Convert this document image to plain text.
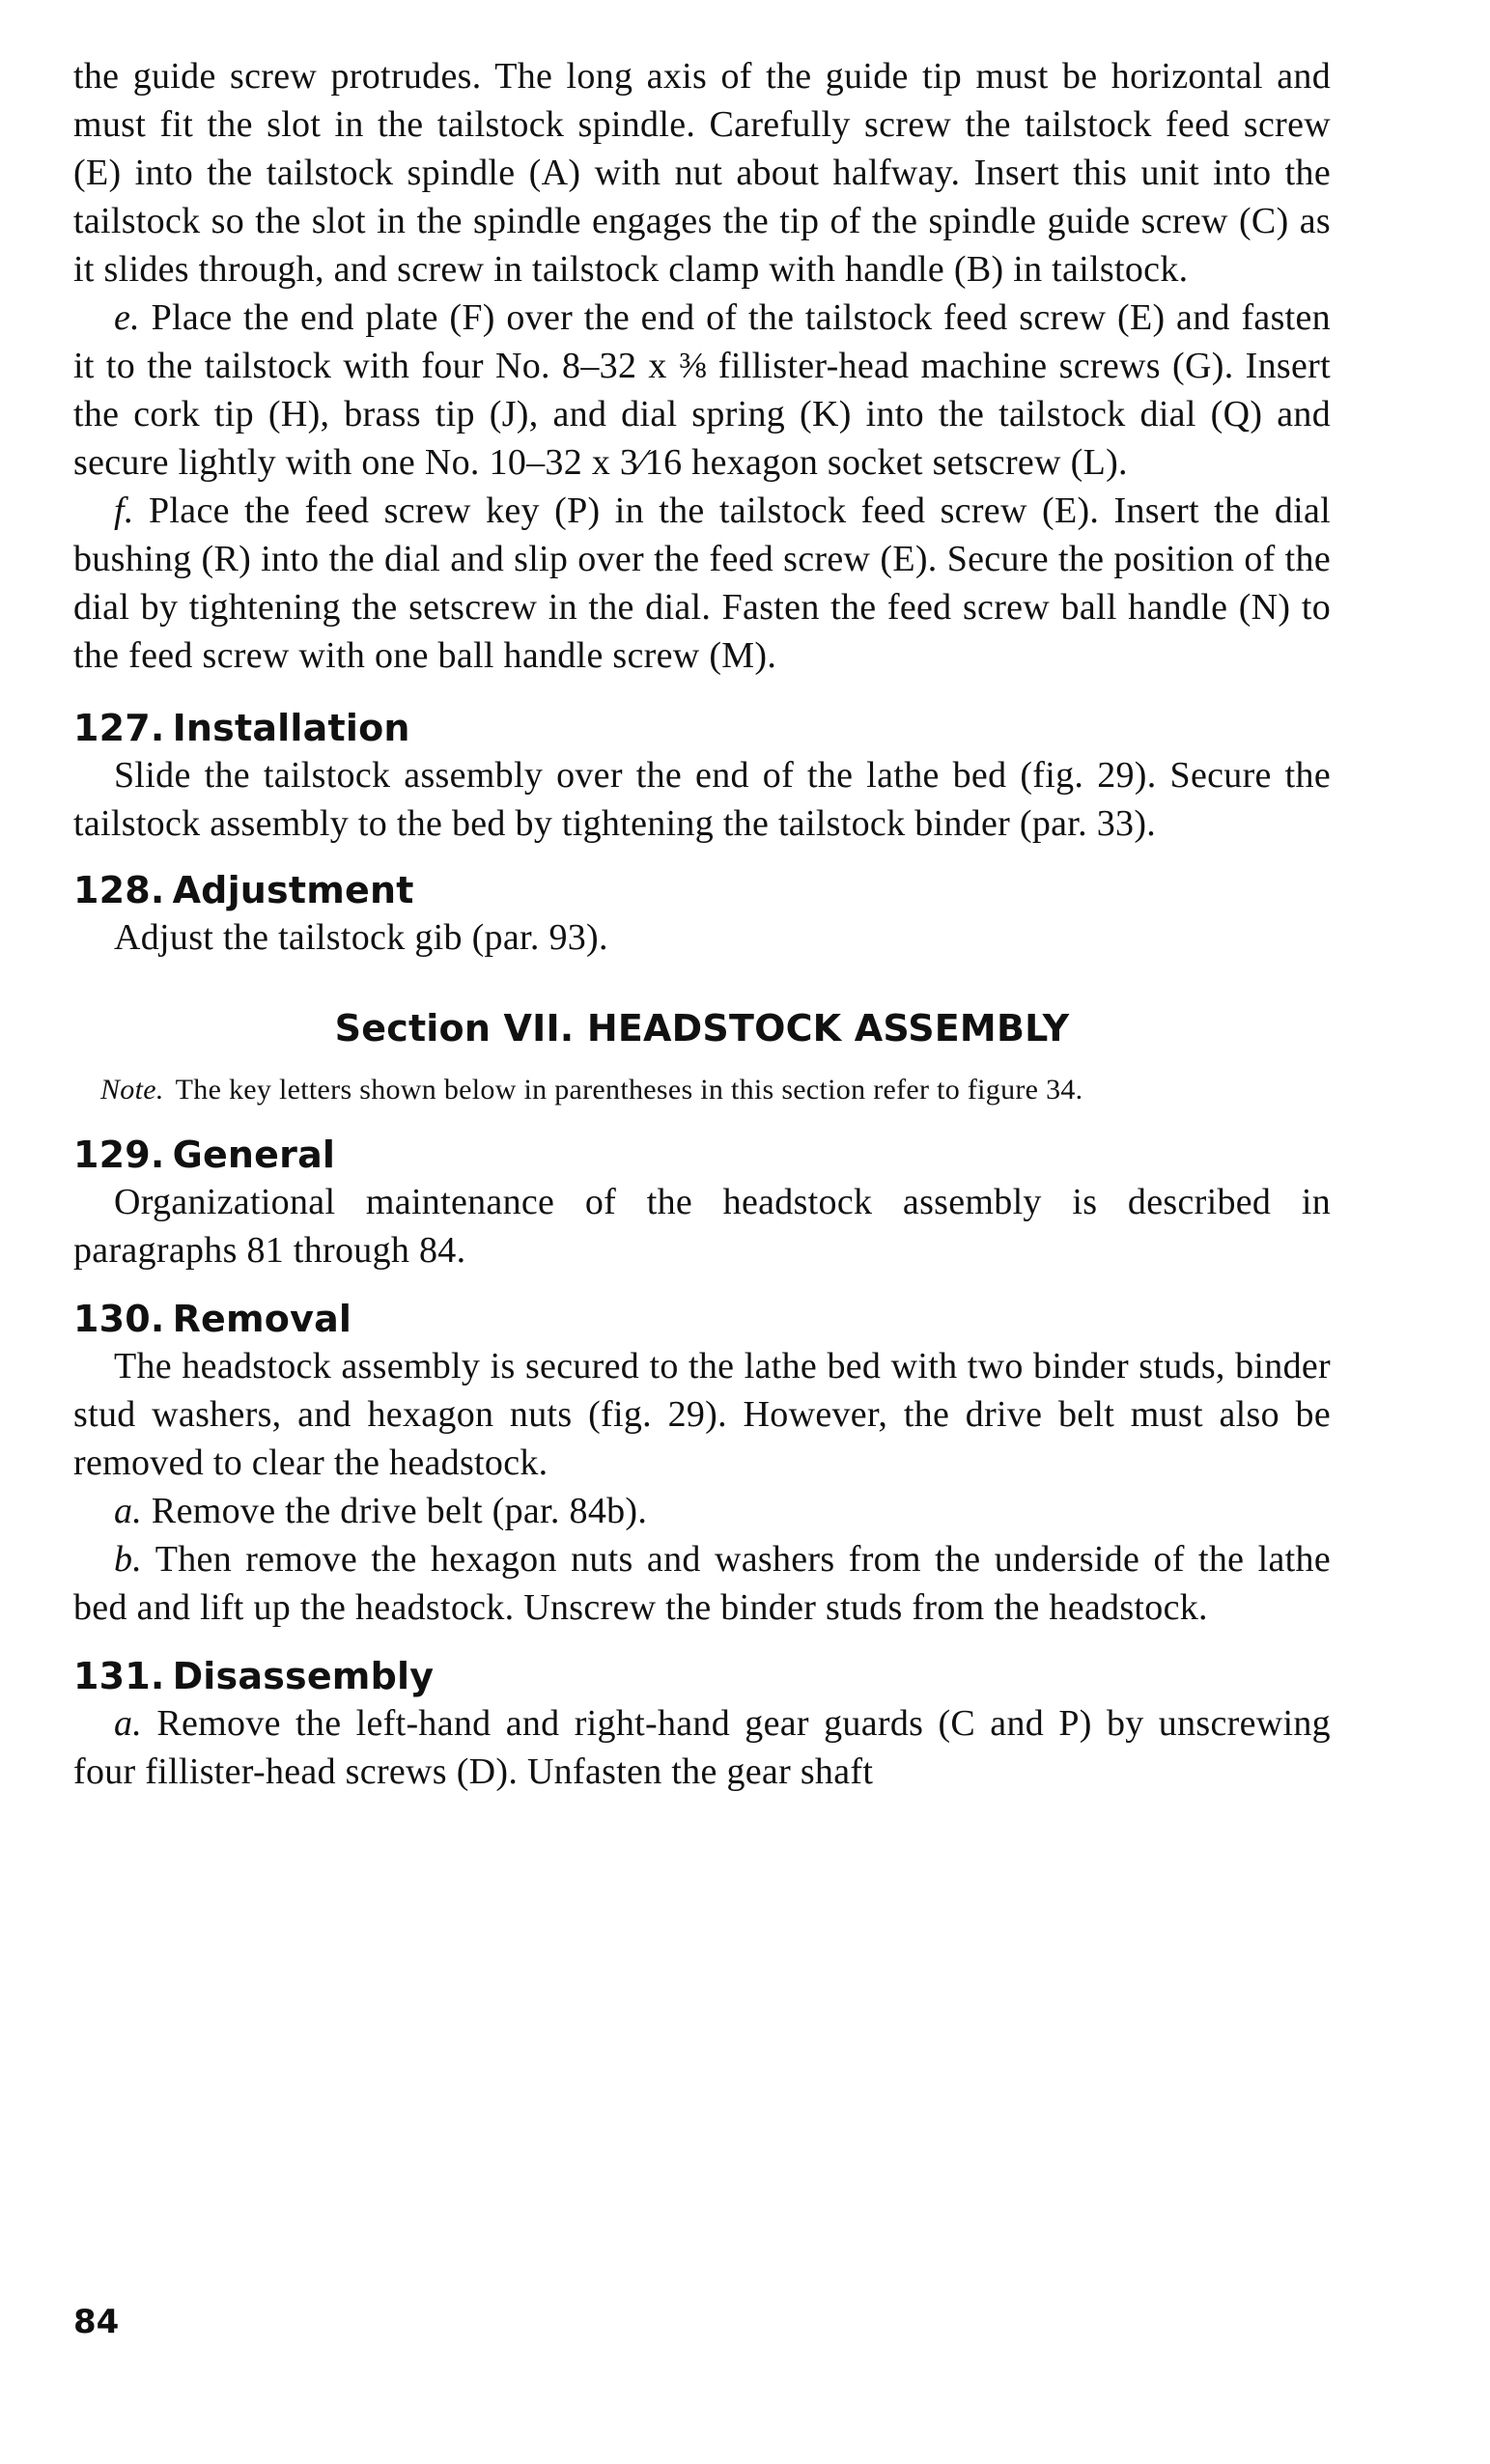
the guide screw protrudes. The long axis of the guide tip must be horizontal and must fit the slot in the tailstock spindle. Carefully screw the tailstock feed screw (E) into the tailstock spindle (A) with nut about halfway. Insert this unit into the tailstock so the slot in the spindle engages the tip of the spindle guide screw (C) as it slides through, and screw in tailstock clamp with handle (B) in tailstock.

e. Place the end plate (F) over the end of the tailstock feed screw (E) and fasten it to the tailstock with four No. 8–32 x ⅜ fillister-head machine screws (G). Insert the cork tip (H), brass tip (J), and dial spring (K) into the tailstock dial (Q) and secure lightly with one No. 10–32 x 3⁄16 hexagon socket setscrew (L).

f. Place the feed screw key (P) in the tailstock feed screw (E). Insert the dial bushing (R) into the dial and slip over the feed screw (E). Secure the position of the dial by tightening the setscrew in the dial. Fasten the feed screw ball handle (N) to the feed screw with one ball handle screw (M).

127. Installation

Slide the tailstock assembly over the end of the lathe bed (fig. 29). Secure the tailstock assembly to the bed by tightening the tailstock binder (par. 33).

128. Adjustment

Adjust the tailstock gib (par. 93).

Section VII. HEADSTOCK ASSEMBLY

Note. The key letters shown below in parentheses in this section refer to figure 34.

129. General

Organizational maintenance of the headstock assembly is described in paragraphs 81 through 84.

130. Removal

The headstock assembly is secured to the lathe bed with two binder studs, binder stud washers, and hexagon nuts (fig. 29). However, the drive belt must also be removed to clear the headstock.

a. Remove the drive belt (par. 84b).

b. Then remove the hexagon nuts and washers from the underside of the lathe bed and lift up the headstock. Unscrew the binder studs from the headstock.

131. Disassembly

a. Remove the left-hand and right-hand gear guards (C and P) by unscrewing four fillister-head screws (D). Unfasten the gear shaft

84
